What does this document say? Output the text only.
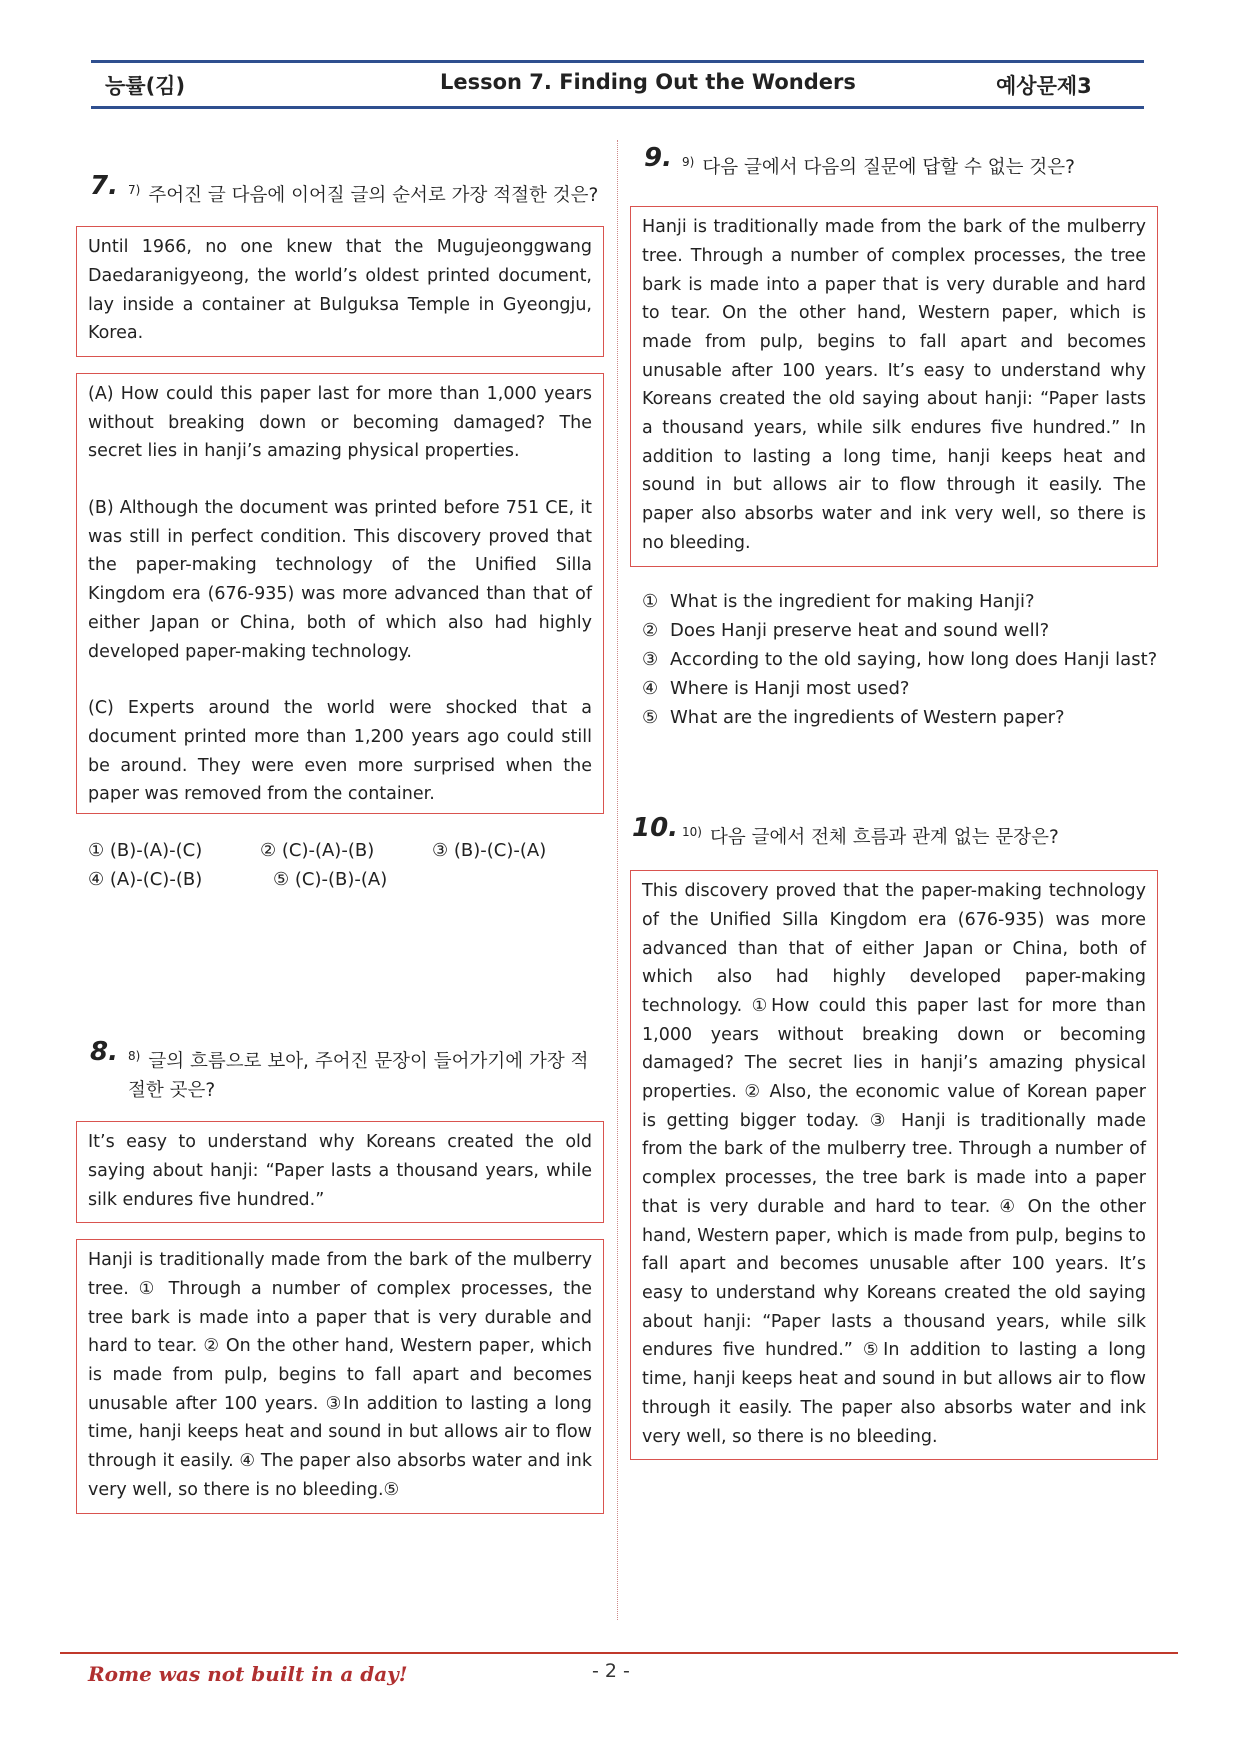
능률(김)	Lesson 7. Finding Out the Wonders	예상문제3
7. $^{7)}$ 주어진 글 다음에 이어질 글의 순서로 가장 적절한 것은?

Until 1966, no one knew that the Mugujeonggwang Daedaranigyeong, the world’s oldest printed document, lay inside a container at Bulguksa Temple in Gyeongju, Korea.

(A) How could this paper last for more than 1,000 years without breaking down or becoming damaged? The secret lies in hanji’s amazing physical properties.

(B) Although the document was printed before 751 CE, it was still in perfect condition. This discovery proved that the paper-making technology of the Unified Silla Kingdom era (676-935) was more advanced than that of either Japan or China, both of which also had highly developed paper-making technology.

(C) Experts around the world were shocked that a document printed more than 1,200 years ago could still be around. They were even more surprised when the paper was removed from the container.

① (B)-(A)-(C)	② (C)-(A)-(B)	③ (B)-(C)-(A)
④ (A)-(C)-(B)	⑤ (C)-(B)-(A)
8. $^{8)}$ 글의 흐름으로 보아, 주어진 문장이 들어가기에 가장 적절한 곳은?

It’s easy to understand why Koreans created the old saying about hanji: “Paper lasts a thousand years, while silk endures five hundred.”

Hanji is traditionally made from the bark of the mulberry tree. ① Through a number of complex processes, the tree bark is made into a paper that is very durable and hard to tear. ② On the other hand, Western paper, which is made from pulp, begins to fall apart and becomes unusable after 100 years. ③In addition to lasting a long time, hanji keeps heat and sound in but allows air to flow through it easily. ④ The paper also absorbs water and ink very well, so there is no bleeding.⑤

9. $^{9)}$ 다음 글에서 다음의 질문에 답할 수 없는 것은?

Hanji is traditionally made from the bark of the mulberry tree. Through a number of complex processes, the tree bark is made into a paper that is very durable and hard to tear. On the other hand, Western paper, which is made from pulp, begins to fall apart and becomes unusable after 100 years. It’s easy to understand why Koreans created the old saying about hanji: “Paper lasts a thousand years, while silk endures five hundred.” In addition to lasting a long time, hanji keeps heat and sound in but allows air to flow through it easily. The paper also absorbs water and ink very well, so there is no bleeding.

① What is the ingredient for making Hanji?
② Does Hanji preserve heat and sound well?
③ According to the old saying, how long does Hanji last?
④ Where is Hanji most used?
⑤ What are the ingredients of Western paper?
10. $^{10)}$ 다음 글에서 전체 흐름과 관계 없는 문장은?

This discovery proved that the paper-making technology of the Unified Silla Kingdom era (676-935) was more advanced than that of either Japan or China, both of which also had highly developed paper-making technology. ①How could this paper last for more than 1,000 years without breaking down or becoming damaged? The secret lies in hanji’s amazing physical properties. ② Also, the economic value of Korean paper is getting bigger today. ③ Hanji is traditionally made from the bark of the mulberry tree. Through a number of complex processes, the tree bark is made into a paper that is very durable and hard to tear. ④ On the other hand, Western paper, which is made from pulp, begins to fall apart and becomes unusable after 100 years. It’s easy to understand why Koreans created the old saying about hanji: “Paper lasts a thousand years, while silk endures five hundred.” ⑤In addition to lasting a long time, hanji keeps heat and sound in but allows air to flow through it easily. The paper also absorbs water and ink very well, so there is no bleeding.

Rome was not built in a day!	- 2 -
